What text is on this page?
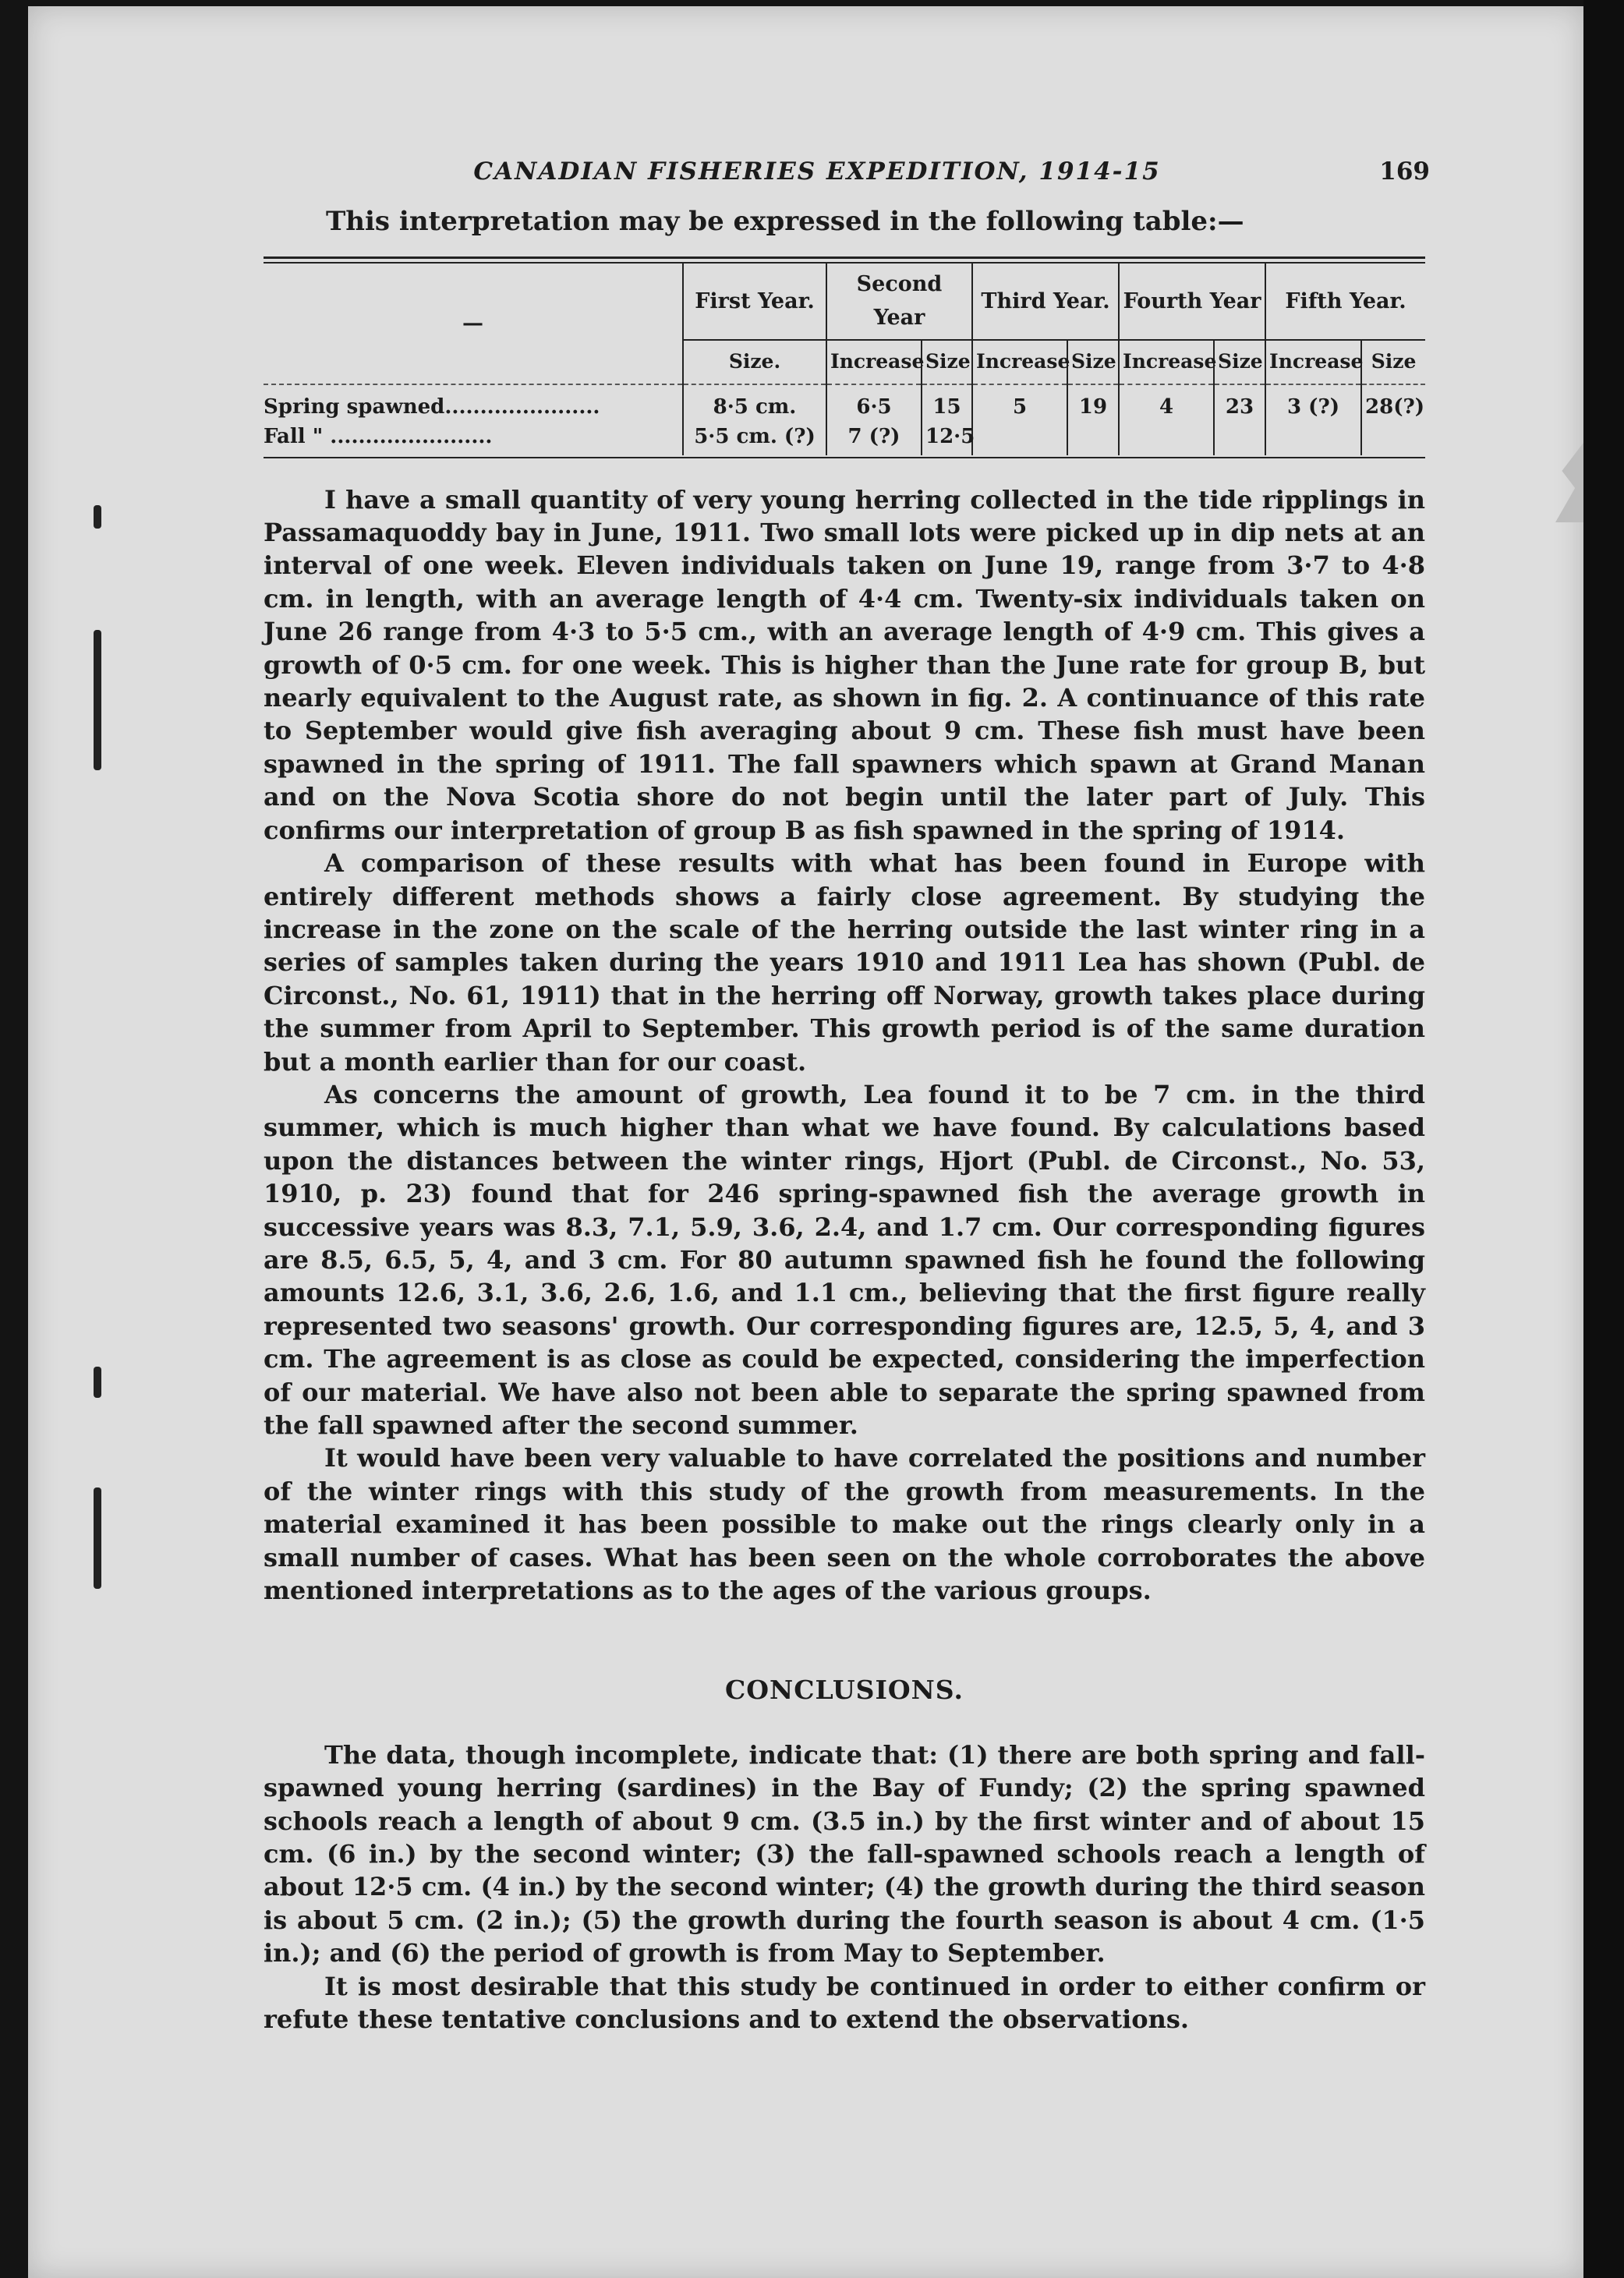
CANADIAN FISHERIES EXPEDITION, 1914-15	169
This interpretation may be expressed in the following table:—
—	First Year.	Second Year		Third Year.		Fourth Year		Fifth Year.	
	Size.	Increase	Size	Increase	Size	Increase	Size	Increase	Size
Spring spawned......................	8·5 cm.	6·5	15	5	19	4	23	3 (?)	28(?)
Fall " .......................	5·5 cm. (?)	7 (?)	12·5						

I have a small quantity of very young herring collected in the tide ripplings in Passamaquoddy bay in June, 1911. Two small lots were picked up in dip nets at an interval of one week. Eleven individuals taken on June 19, range from 3·7 to 4·8 cm. in length, with an average length of 4·4 cm. Twenty-six individuals taken on June 26 range from 4·3 to 5·5 cm., with an average length of 4·9 cm. This gives a growth of 0·5 cm. for one week. This is higher than the June rate for group B, but nearly equivalent to the August rate, as shown in fig. 2. A continuance of this rate to September would give fish averaging about 9 cm. These fish must have been spawned in the spring of 1911. The fall spawners which spawn at Grand Manan and on the Nova Scotia shore do not begin until the later part of July. This confirms our interpretation of group B as fish spawned in the spring of 1914.

A comparison of these results with what has been found in Europe with entirely different methods shows a fairly close agreement. By studying the increase in the zone on the scale of the herring outside the last winter ring in a series of samples taken during the years 1910 and 1911 Lea has shown (Publ. de Circonst., No. 61, 1911) that in the herring off Norway, growth takes place during the summer from April to September. This growth period is of the same duration but a month earlier than for our coast.

As concerns the amount of growth, Lea found it to be 7 cm. in the third summer, which is much higher than what we have found. By calculations based upon the distances between the winter rings, Hjort (Publ. de Circonst., No. 53, 1910, p. 23) found that for 246 spring-spawned fish the average growth in successive years was 8.3, 7.1, 5.9, 3.6, 2.4, and 1.7 cm. Our corresponding figures are 8.5, 6.5, 5, 4, and 3 cm. For 80 autumn spawned fish he found the following amounts 12.6, 3.1, 3.6, 2.6, 1.6, and 1.1 cm., believing that the first figure really represented two seasons' growth. Our corresponding figures are, 12.5, 5, 4, and 3 cm. The agreement is as close as could be expected, considering the imperfection of our material. We have also not been able to separate the spring spawned from the fall spawned after the second summer.

It would have been very valuable to have correlated the positions and number of the winter rings with this study of the growth from measurements. In the material examined it has been possible to make out the rings clearly only in a small number of cases. What has been seen on the whole corroborates the above mentioned interpretations as to the ages of the various groups.

CONCLUSIONS.

The data, though incomplete, indicate that: (1) there are both spring and fall-spawned young herring (sardines) in the Bay of Fundy; (2) the spring spawned schools reach a length of about 9 cm. (3.5 in.) by the first winter and of about 15 cm. (6 in.) by the second winter; (3) the fall-spawned schools reach a length of about 12·5 cm. (4 in.) by the second winter; (4) the growth during the third season is about 5 cm. (2 in.); (5) the growth during the fourth season is about 4 cm. (1·5 in.); and (6) the period of growth is from May to September.

It is most desirable that this study be continued in order to either confirm or refute these tentative conclusions and to extend the observations.
